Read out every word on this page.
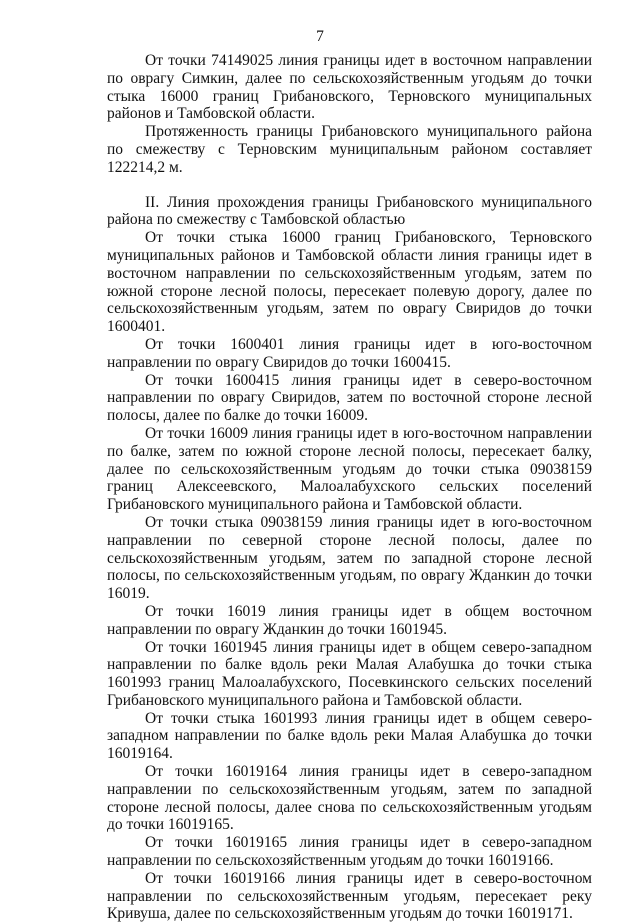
7

От точки 74149025 линия границы идет в восточном направлении по оврагу Симкин, далее по сельскохозяйственным угодьям до точки стыка 16000 границ Грибановского, Терновского муниципальных районов и Тамбовской области.

Протяженность границы Грибановского муниципального района по смежеству с Терновским муниципальным районом составляет 122214,2 м.

II. Линия прохождения границы Грибановского муниципального района по смежеству с Тамбовской областью

От точки стыка 16000 границ Грибановского, Терновского муниципальных районов и Тамбовской области линия границы идет в восточном направлении по сельскохозяйственным угодьям, затем по южной стороне лесной полосы, пересекает полевую дорогу, далее по сельскохозяйственным угодьям, затем по оврагу Свиридов до точки 1600401.

От точки 1600401 линия границы идет в юго-восточном направлении по оврагу Свиридов до точки 1600415.

От точки 1600415 линия границы идет в северо-восточном направлении по оврагу Свиридов, затем по восточной стороне лесной полосы, далее по балке до точки 16009.

От точки 16009 линия границы идет в юго-восточном направлении по балке, затем по южной стороне лесной полосы, пересекает балку, далее по сельскохозяйственным угодьям до точки стыка 09038159 границ Алексеевского, Малоалабухского сельских поселений Грибановского муниципального района и Тамбовской области.

От точки стыка 09038159 линия границы идет в юго-восточном направлении по северной стороне лесной полосы, далее по сельскохозяйственным угодьям, затем по западной стороне лесной полосы, по сельскохозяйственным угодьям, по оврагу Жданкин до точки 16019.

От точки 16019 линия границы идет в общем восточном направлении по оврагу Жданкин до точки 1601945.

От точки 1601945 линия границы идет в общем северо-западном направлении по балке вдоль реки Малая Алабушка до точки стыка 1601993 границ Малоалабухского, Посевкинского сельских поселений Грибановского муниципального района и Тамбовской области.

От точки стыка 1601993 линия границы идет в общем северо-западном направлении по балке вдоль реки Малая Алабушка до точки 16019164.

От точки 16019164 линия границы идет в северо-западном направлении по сельскохозяйственным угодьям, затем по западной стороне лесной полосы, далее снова по сельскохозяйственным угодьям до точки 16019165.

От точки 16019165 линия границы идет в северо-западном направлении по сельскохозяйственным угодьям до точки 16019166.

От точки 16019166 линия границы идет в северо-восточном направлении по сельскохозяйственным угодьям, пересекает реку Кривуша, далее по сельскохозяйственным угодьям до точки 16019171.
